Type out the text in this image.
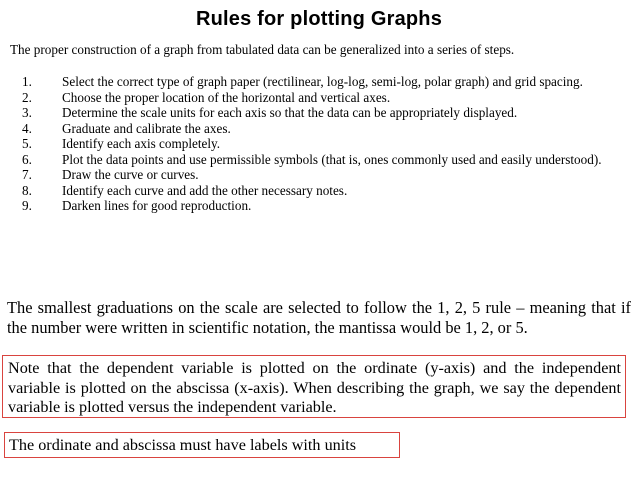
Rules for plotting Graphs
The proper construction of a graph from tabulated data can be generalized into a series of steps.
1.	Select the correct type of graph paper (rectilinear, log-log, semi-log, polar graph) and grid spacing.
2.	Choose the proper location of the horizontal and vertical axes.
3.	Determine the scale units for each axis so that the data can be appropriately displayed.
4.	Graduate and calibrate the axes.
5.	Identify each axis completely.
6.	Plot the data points and use permissible symbols (that is, ones commonly used and easily understood).
7.	Draw the curve or curves.
8.	Identify each curve and add the other necessary notes.
9.	Darken lines for good reproduction.
The smallest graduations on the scale are selected to follow the 1, 2, 5 rule – meaning that if the number were written in scientific notation, the mantissa would be 1, 2, or 5.
Note that the dependent variable is plotted on the ordinate (y-axis) and the independent variable is plotted on the abscissa (x-axis). When describing the graph, we say the dependent variable is plotted versus the independent variable.
The ordinate and abscissa must have labels with units
